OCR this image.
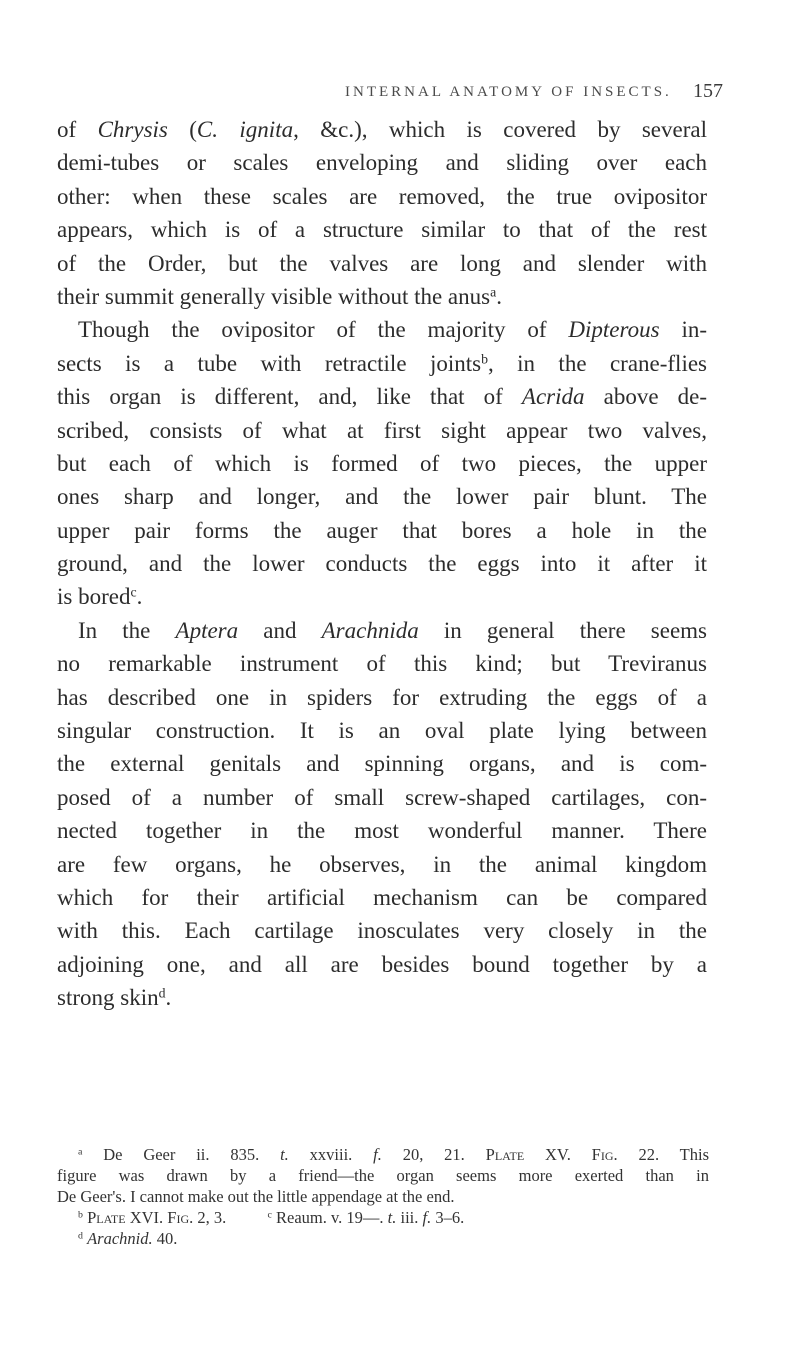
INTERNAL ANATOMY OF INSECTS. 157
of Chrysis (C. ignita, &c.), which is covered by several
demi-tubes or scales enveloping and sliding over each
other: when these scales are removed, the true ovipositor
appears, which is of a structure similar to that of the rest
of the Order, but the valves are long and slender with
their summit generally visible without the anus$^a$.
Though the ovipositor of the majority of Dipterous in-
sects is a tube with retractile joints$^b$, in the crane-flies
this organ is different, and, like that of Acrida above de-
scribed, consists of what at first sight appear two valves,
but each of which is formed of two pieces, the upper
ones sharp and longer, and the lower pair blunt. The
upper pair forms the auger that bores a hole in the
ground, and the lower conducts the eggs into it after it
is bored$^c$.
In the Aptera and Arachnida in general there seems
no remarkable instrument of this kind; but Treviranus
has described one in spiders for extruding the eggs of a
singular construction. It is an oval plate lying between
the external genitals and spinning organs, and is com-
posed of a number of small screw-shaped cartilages, con-
nected together in the most wonderful manner. There
are few organs, he observes, in the animal kingdom
which for their artificial mechanism can be compared
with this. Each cartilage inosculates very closely in the
adjoining one, and all are besides bound together by a
strong skin$^d$.
$^a$ De Geer ii. 835. t. xxviii. f. 20, 21. Plate XV. Fig. 22. This
figure was drawn by a friend—the organ seems more exerted than in
De Geer's. I cannot make out the little appendage at the end.
$^b$ Plate XVI. Fig. 2, 3.	$^c$ Reaum. v. 19—. t. iii. f. 3–6.
$^d$ Arachnid. 40.
